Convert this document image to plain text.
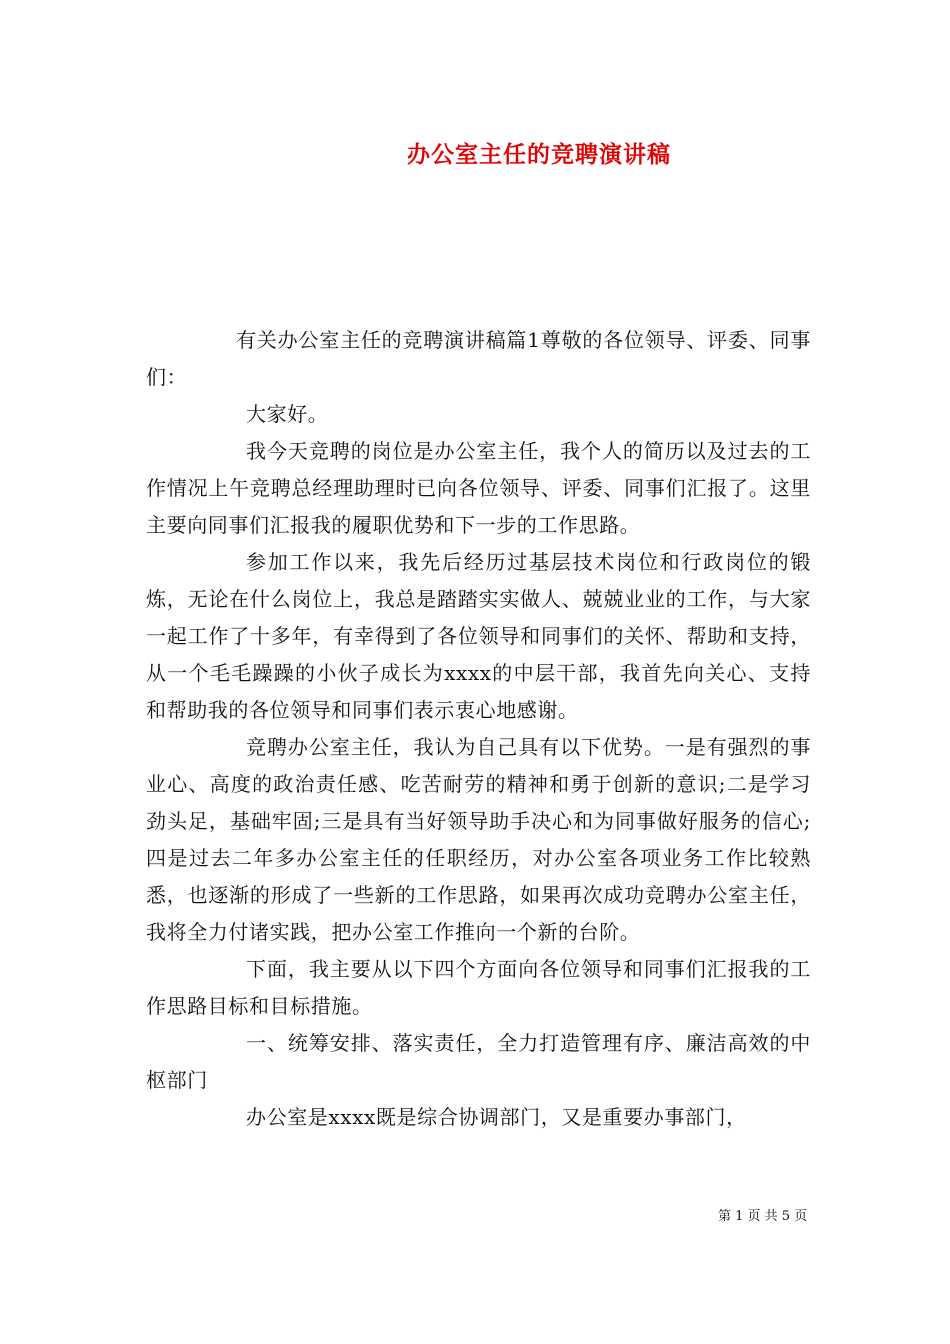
办公室主任的竞聘演讲稿

有关办公室主任的竞聘演讲稿篇1尊敬的各位领导、评委、同事们：

大家好。

我今天竞聘的岗位是办公室主任，我个人的简历以及过去的工作情况上午竞聘总经理助理时已向各位领导、评委、同事们汇报了。这里主要向同事们汇报我的履职优势和下一步的工作思路。

参加工作以来，我先后经历过基层技术岗位和行政岗位的锻炼，无论在什么岗位上，我总是踏踏实实做人、兢兢业业的工作，与大家一起工作了十多年，有幸得到了各位领导和同事们的关怀、帮助和支持，从一个毛毛躁躁的小伙子成长为xxxx的中层干部，我首先向关心、支持和帮助我的各位领导和同事们表示衷心地感谢。

竞聘办公室主任，我认为自己具有以下优势。一是有强烈的事业心、高度的政治责任感、吃苦耐劳的精神和勇于创新的意识;二是学习劲头足，基础牢固;三是具有当好领导助手决心和为同事做好服务的信心;四是过去二年多办公室主任的任职经历，对办公室各项业务工作比较熟悉，也逐渐的形成了一些新的工作思路，如果再次成功竞聘办公室主任，我将全力付诸实践，把办公室工作推向一个新的台阶。

下面，我主要从以下四个方面向各位领导和同事们汇报我的工作思路目标和目标措施。

一、统筹安排、落实责任，全力打造管理有序、廉洁高效的中枢部门

办公室是xxxx既是综合协调部门，又是重要办事部门，

第 1 页 共 5 页
